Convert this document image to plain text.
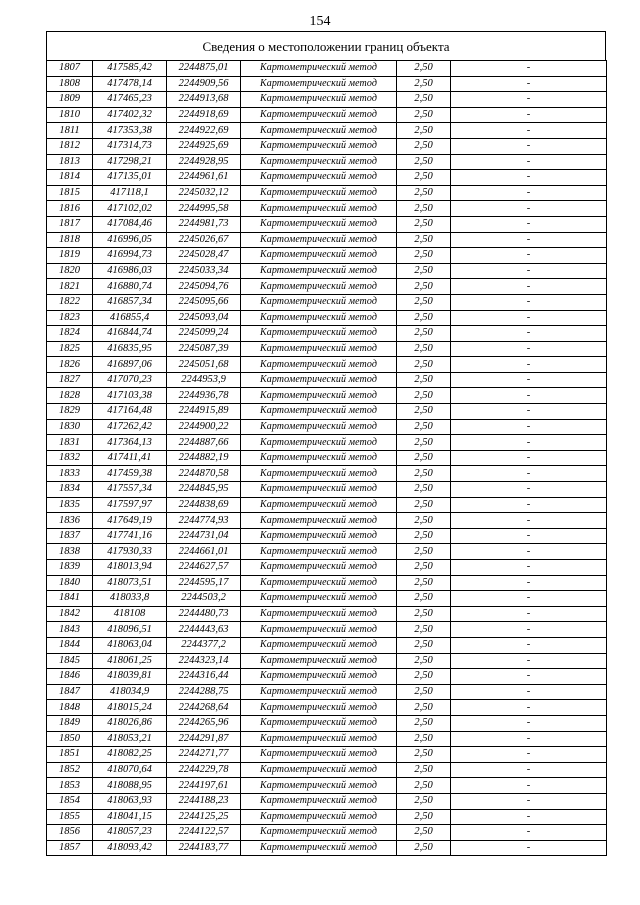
154
Сведения о местоположении границ объекта
1807	417585,42	2244875,01	Картометрический метод	2,50	-
1808	417478,14	2244909,56	Картометрический метод	2,50	-
1809	417465,23	2244913,68	Картометрический метод	2,50	-
1810	417402,32	2244918,69	Картометрический метод	2,50	-
1811	417353,38	2244922,69	Картометрический метод	2,50	-
1812	417314,73	2244925,69	Картометрический метод	2,50	-
1813	417298,21	2244928,95	Картометрический метод	2,50	-
1814	417135,01	2244961,61	Картометрический метод	2,50	-
1815	417118,1	2245032,12	Картометрический метод	2,50	-
1816	417102,02	2244995,58	Картометрический метод	2,50	-
1817	417084,46	2244981,73	Картометрический метод	2,50	-
1818	416996,05	2245026,67	Картометрический метод	2,50	-
1819	416994,73	2245028,47	Картометрический метод	2,50	-
1820	416986,03	2245033,34	Картометрический метод	2,50	-
1821	416880,74	2245094,76	Картометрический метод	2,50	-
1822	416857,34	2245095,66	Картометрический метод	2,50	-
1823	416855,4	2245093,04	Картометрический метод	2,50	-
1824	416844,74	2245099,24	Картометрический метод	2,50	-
1825	416835,95	2245087,39	Картометрический метод	2,50	-
1826	416897,06	2245051,68	Картометрический метод	2,50	-
1827	417070,23	2244953,9	Картометрический метод	2,50	-
1828	417103,38	2244936,78	Картометрический метод	2,50	-
1829	417164,48	2244915,89	Картометрический метод	2,50	-
1830	417262,42	2244900,22	Картометрический метод	2,50	-
1831	417364,13	2244887,66	Картометрический метод	2,50	-
1832	417411,41	2244882,19	Картометрический метод	2,50	-
1833	417459,38	2244870,58	Картометрический метод	2,50	-
1834	417557,34	2244845,95	Картометрический метод	2,50	-
1835	417597,97	2244838,69	Картометрический метод	2,50	-
1836	417649,19	2244774,93	Картометрический метод	2,50	-
1837	417741,16	2244731,04	Картометрический метод	2,50	-
1838	417930,33	2244661,01	Картометрический метод	2,50	-
1839	418013,94	2244627,57	Картометрический метод	2,50	-
1840	418073,51	2244595,17	Картометрический метод	2,50	-
1841	418033,8	2244503,2	Картометрический метод	2,50	-
1842	418108	2244480,73	Картометрический метод	2,50	-
1843	418096,51	2244443,63	Картометрический метод	2,50	-
1844	418063,04	2244377,2	Картометрический метод	2,50	-
1845	418061,25	2244323,14	Картометрический метод	2,50	-
1846	418039,81	2244316,44	Картометрический метод	2,50	-
1847	418034,9	2244288,75	Картометрический метод	2,50	-
1848	418015,24	2244268,64	Картометрический метод	2,50	-
1849	418026,86	2244265,96	Картометрический метод	2,50	-
1850	418053,21	2244291,87	Картометрический метод	2,50	-
1851	418082,25	2244271,77	Картометрический метод	2,50	-
1852	418070,64	2244229,78	Картометрический метод	2,50	-
1853	418088,95	2244197,61	Картометрический метод	2,50	-
1854	418063,93	2244188,23	Картометрический метод	2,50	-
1855	418041,15	2244125,25	Картометрический метод	2,50	-
1856	418057,23	2244122,57	Картометрический метод	2,50	-
1857	418093,42	2244183,77	Картометрический метод	2,50	-
